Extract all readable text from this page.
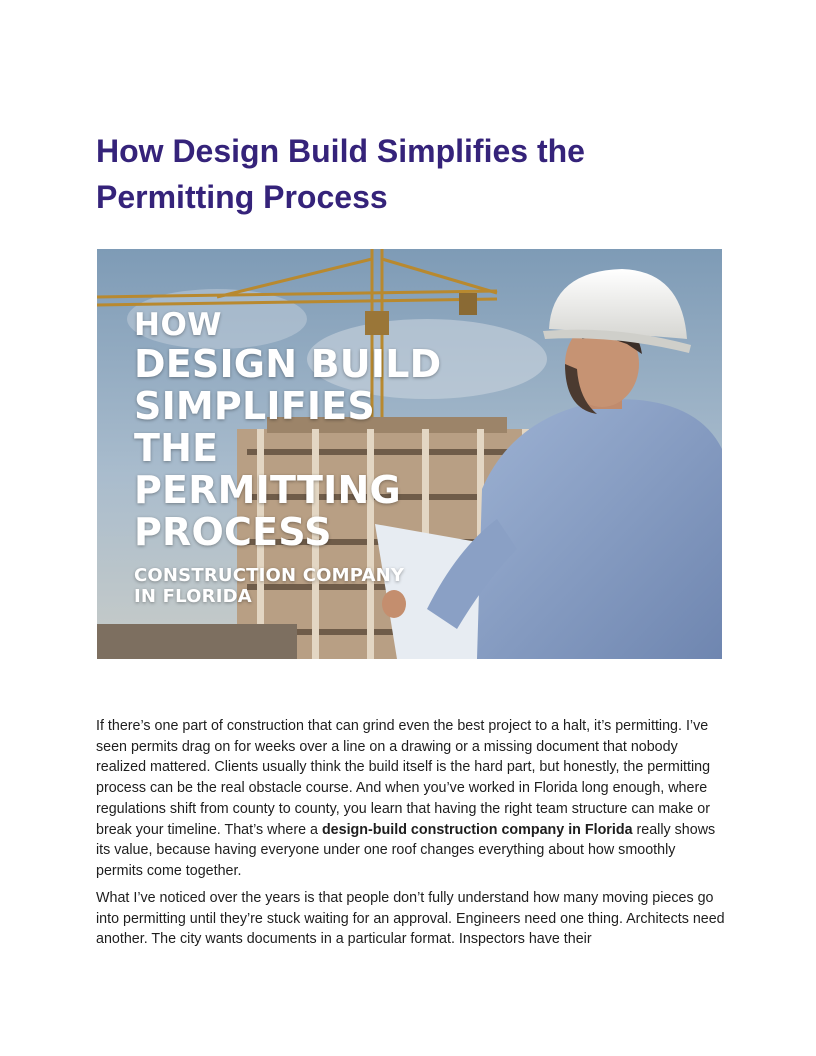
How Design Build Simplifies the
Permitting Process
HOW
DESIGN BUILD
SIMPLIFIES
THE
PERMITTING
PROCESS
CONSTRUCTION COMPANY
IN FLORIDA

If there’s one part of construction that can grind even the best project to a halt, it’s permitting. I’ve seen permits drag on for weeks over a line on a drawing or a missing document that nobody realized mattered. Clients usually think the build itself is the hard part, but honestly, the permitting process can be the real obstacle course. And when you’ve worked in Florida long enough, where regulations shift from county to county, you learn that having the right team structure can make or break your timeline. That’s where a design-build construction company in Florida really shows its value, because having everyone under one roof changes everything about how smoothly permits come together.

What I’ve noticed over the years is that people don’t fully understand how many moving pieces go into permitting until they’re stuck waiting for an approval. Engineers need one thing. Architects need another. The city wants documents in a particular format. Inspectors have their
